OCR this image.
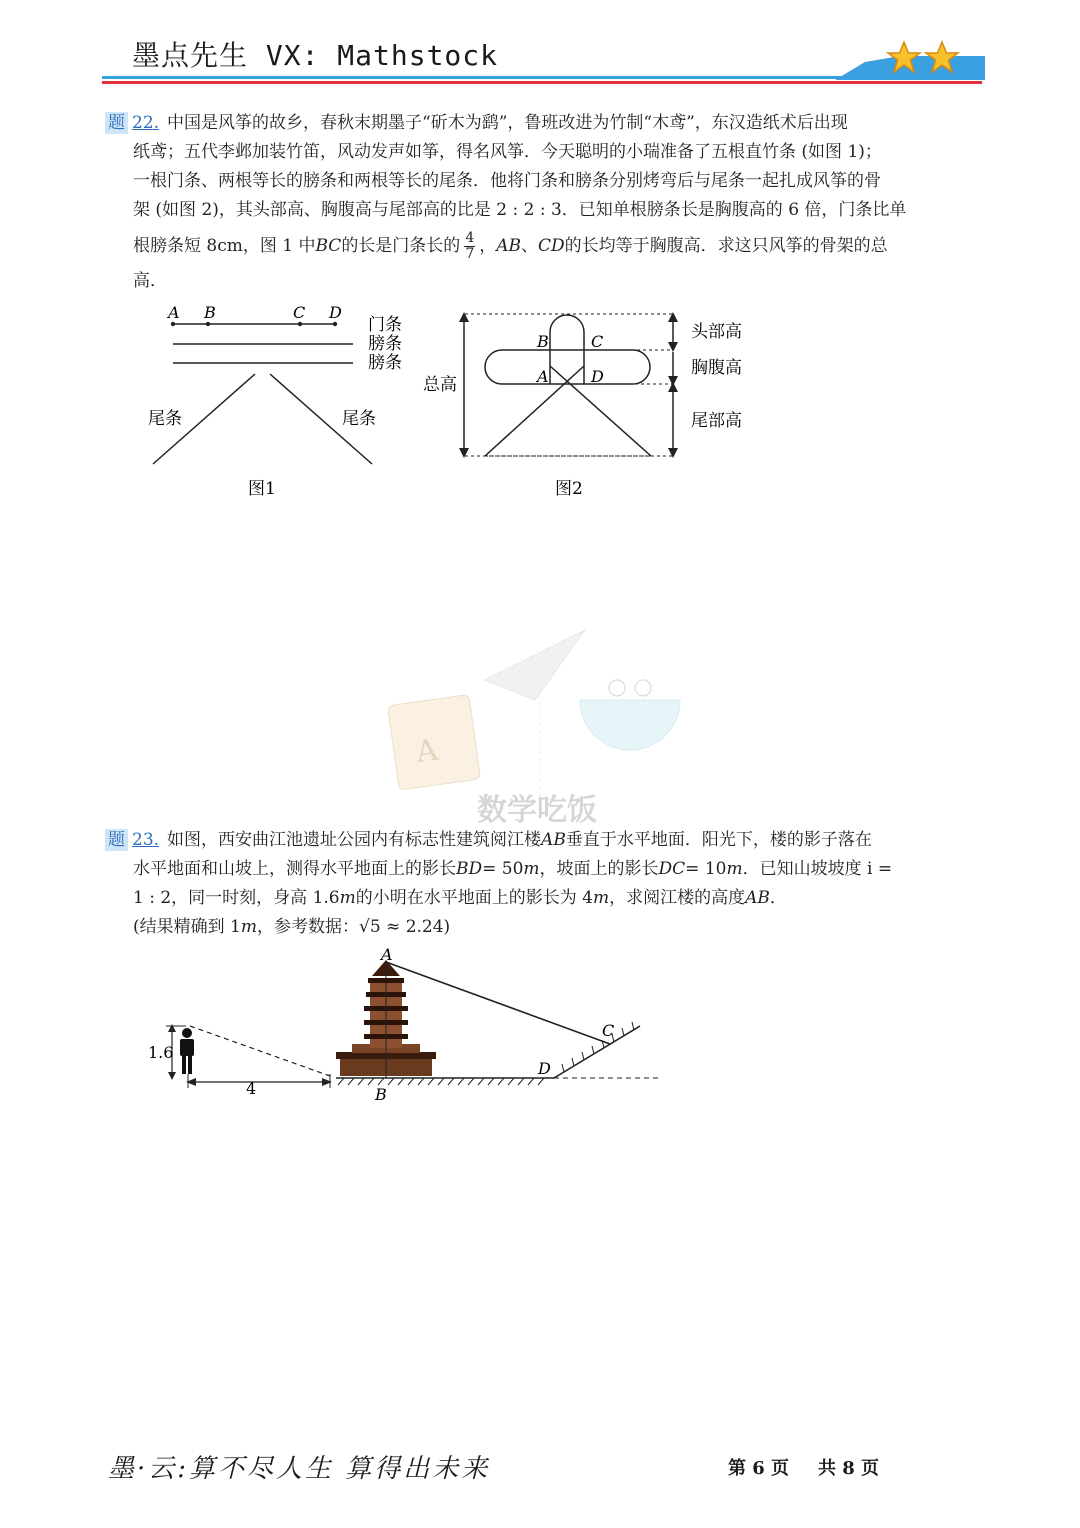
墨点先生 VX: Mathstock

题 22. 中国是风筝的故乡，春秋末期墨子“斫木为鹞”，鲁班改进为竹制“木鸢”，东汉造纸术后出现

纸鸢；五代李邺加装竹笛，风动发声如筝，得名风筝．今天聪明的小瑞准备了五根直竹条 (如图 1)；

一根门条、两根等长的膀条和两根等长的尾条．他将门条和膀条分别烤弯后与尾条一起扎成风筝的骨

架 (如图 2)，其头部高、胸腹高与尾部高的比是 2 : 2 : 3．已知单根膀条长是胸腹高的 6 倍，门条比单

根膀条短 8cm，图 1 中BC的长是门条长的 $\frac{4}{7}$ ，AB、CD的长均等于胸腹高．求这只风筝的骨架的总

高．

A B	C D
门条
膀条
膀条
尾条	尾条
图1
总高
头部高
胸腹高
尾部高
B	C
A	D
图2
A
数学吃饭

题 23. 如图，西安曲江池遗址公园内有标志性建筑阅江楼AB垂直于水平地面．阳光下，楼的影子落在

水平地面和山坡上，测得水平地面上的影长BD= 50m，坡面上的影长DC= 10m．已知山坡坡度 i =

1 : 2，同一时刻，身高 1.6m的小明在水平地面上的影长为 4m，求阅江楼的高度AB．

(结果精确到 1m，参考数据：√5 ≈ 2.24)

1.6
4
A
B
C
D
墨·云:算不尽人生 算得出未来	第 6 页 共 8 页
